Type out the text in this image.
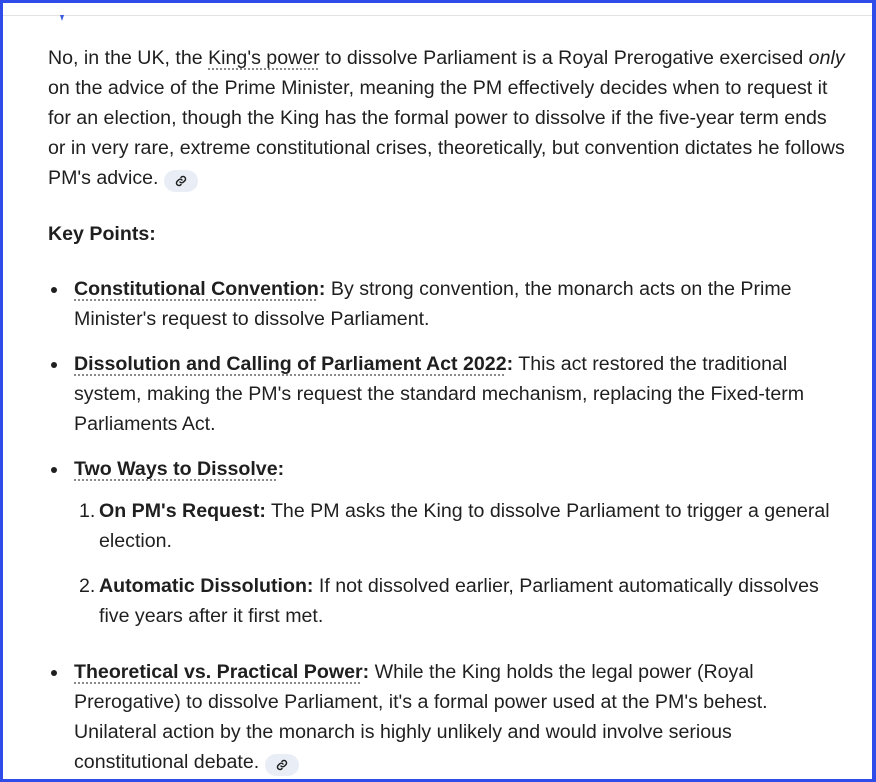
No, in the UK, the King's power to dissolve Parliament is a Royal Prerogative exercised only on the advice of the Prime Minister, meaning the PM effectively decides when to request it for an election, though the King has the formal power to dissolve if the five-year term ends or in very rare, extreme constitutional crises, theoretically, but convention dictates he follows PM's advice.

Key Points:

Constitutional Convention: By strong convention, the monarch acts on the Prime Minister's request to dissolve Parliament.
Dissolution and Calling of Parliament Act 2022: This act restored the traditional system, making the PM's request the standard mechanism, replacing the Fixed-term Parliaments Act.
Two Ways to Dissolve:
1. On PM's Request: The PM asks the King to dissolve Parliament to trigger a general election.
2. Automatic Dissolution: If not dissolved earlier, Parliament automatically dissolves five years after it first met.
Theoretical vs. Practical Power: While the King holds the legal power (Royal Prerogative) to dissolve Parliament, it's a formal power used at the PM's behest. Unilateral action by the monarch is highly unlikely and would involve serious constitutional debate.
